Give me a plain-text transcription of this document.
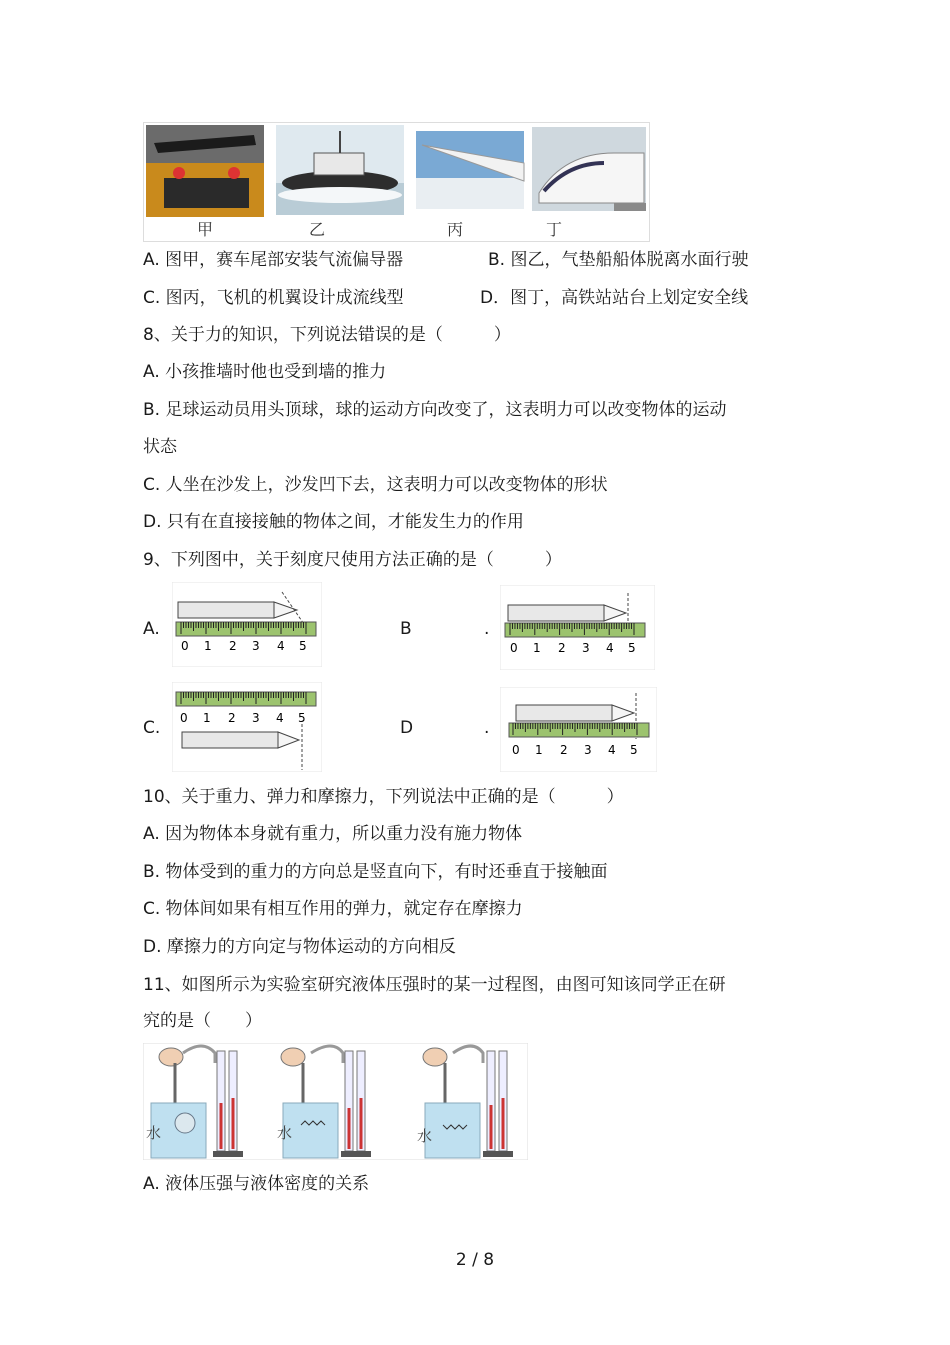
甲	乙	丙	丁
A. 图甲，赛车尾部安装气流偏导器	B. 图乙，气垫船船体脱离水面行驶
C. 图丙，飞机的机翼设计成流线型	D．图丁，高铁站站台上划定安全线
8、关于力的知识，下列说法错误的是（　　　）
A. 小孩推墙时他也受到墙的推力
B. 足球运动员用头顶球，球的运动方向改变了，这表明力可以改变物体的运动
状态
C. 人坐在沙发上，沙发凹下去，这表明力可以改变物体的形状
D. 只有在直接接触的物体之间，才能发生力的作用
9、下列图中，关于刻度尺使用方法正确的是（　　　）
A.	B	.
C.	D	.
0 1 2 3 4 5	0 1 2 3 4 5
0 1 2 3 4 5
0 1 2 3 4 5
10、关于重力、弹力和摩擦力，下列说法中正确的是（　　　）
A. 因为物体本身就有重力，所以重力没有施力物体
B. 物体受到的重力的方向总是竖直向下，有时还垂直于接触面
C. 物体间如果有相互作用的弹力，就定存在摩擦力
D. 摩擦力的方向定与物体运动的方向相反
11、如图所示为实验室研究液体压强时的某一过程图，由图可知该同学正在研
究的是（　　）
水	水	水
A. 液体压强与液体密度的关系
2 / 8
